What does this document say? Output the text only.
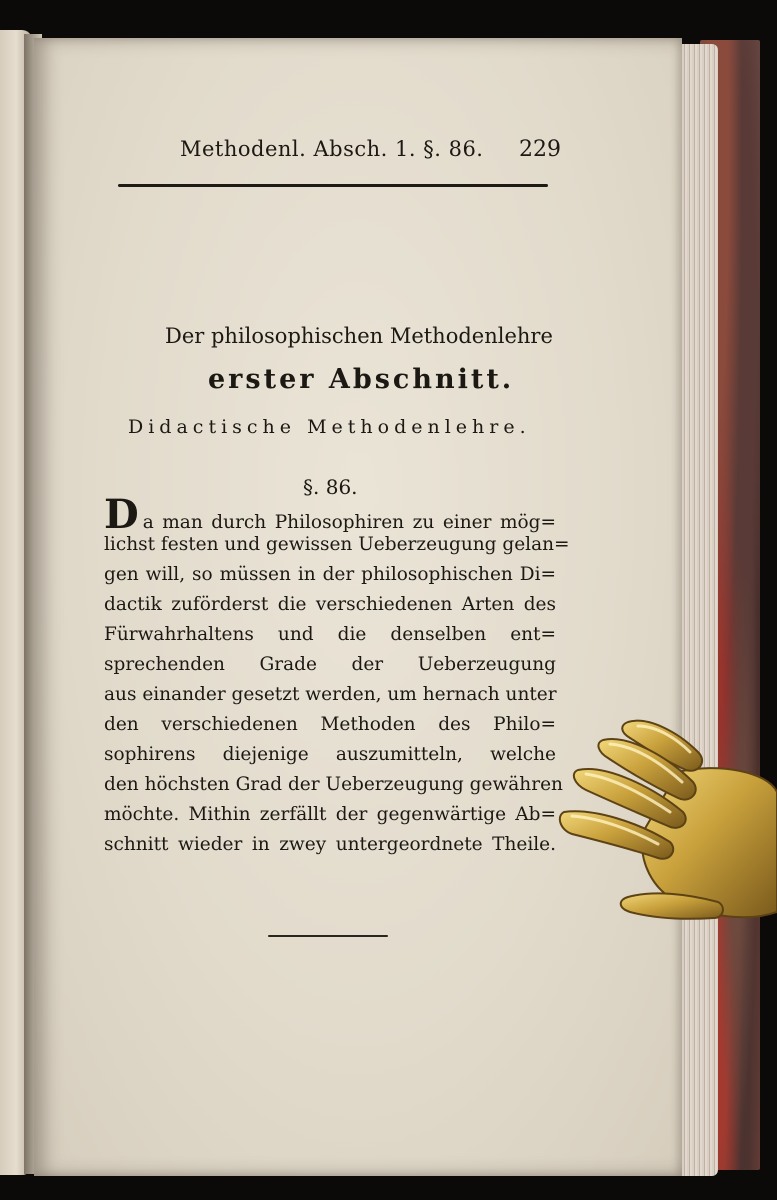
Methodenl. Absch. 1. §. 86. 229
Der philosophischen Methodenlehre
erster Abschnitt.
Didactische Methodenlehre.
§. 86.
Da man durch Philosophiren zu einer mög=
lichst festen und gewissen Ueberzeugung gelan=
gen will, so müssen in der philosophischen Di=
dactik zuförderst die verschiedenen Arten des
Fürwahrhaltens und die denselben ent=
sprechenden Grade der Ueberzeugung
aus einander gesetzt werden, um hernach unter
den verschiedenen Methoden des Philo=
sophirens diejenige auszumitteln, welche
den höchsten Grad der Ueberzeugung gewähren
möchte. Mithin zerfällt der gegenwärtige Ab=
schnitt wieder in zwey untergeordnete Theile.
